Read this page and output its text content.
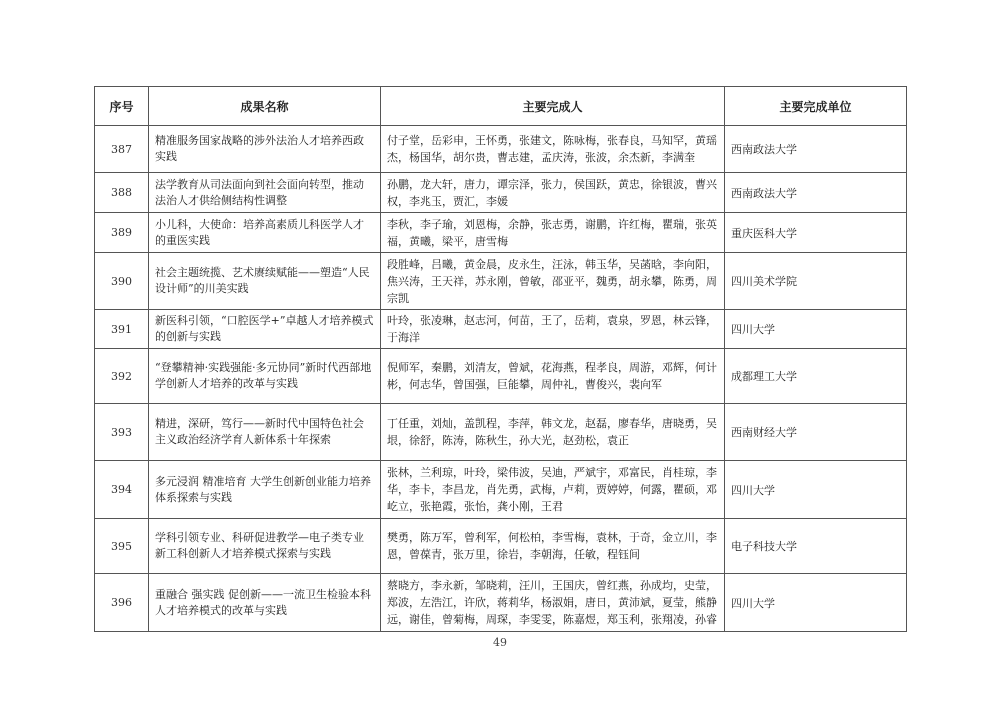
序号	成果名称	主要完成人	主要完成单位
387	精准服务国家战略的涉外法治人才培养西政实践	付子堂，岳彩申，王怀勇，张建文，陈咏梅，张春良，马知罕，黄瑶杰，杨国华，胡尔贵，曹志建，孟庆涛，张波，余杰新，李满奎	西南政法大学
388	法学教育从司法面向到社会面向转型，推动法治人才供给侧结构性调整	孙鹏，龙大轩，唐力，谭宗泽，张力，侯国跃，黄忠，徐银波，曹兴权，李兆玉，贾汇，李媛	西南政法大学
389	小儿科，大使命：培养高素质儿科医学人才的重医实践	李秋，李子瑜，刘恩梅，余静，张志勇，谢鹏，许红梅，瞿瑞，张英福，黄曦，梁平，唐雪梅	重庆医科大学
390	社会主题统揽、艺术赓续赋能——塑造“人民设计师”的川美实践	段胜峰，吕曦，黄金晨，皮永生，汪泳，韩玉华，吴菡晗，李向阳，焦兴涛，王天祥，苏永刚，曾敏，邵亚平，魏勇，胡永攀，陈勇，周宗凯	四川美术学院
391	新医科引领，“口腔医学+”卓越人才培养模式的创新与实践	叶玲，张凌琳，赵志河，何苗，王了，岳莉，袁泉，罗恩，林云锋，于海洋	四川大学
392	“登攀精神·实践强能·多元协同”新时代西部地学创新人才培养的改革与实践	倪师军，秦鹏，刘清友，曾斌，花海燕，程孝良，周游，邓辉，何计彬，何志华，曾国强，巨能攀，周仲礼，曹俊兴，裴向军	成都理工大学
393	精进，深研，笃行——新时代中国特色社会主义政治经济学育人新体系十年探索	丁任重，刘灿，盖凯程，李萍，韩文龙，赵磊，廖春华，唐晓勇，吴垠，徐舒，陈涛，陈秋生，孙大光，赵劲松，袁正	西南财经大学
394	多元浸润 精准培育 大学生创新创业能力培养体系探索与实践	张林，兰利琼，叶玲，梁伟波，吴迪，严斌宇，邓富民，肖桂琼，李华，李卡，李昌龙，肖先勇，武梅，卢莉，贾婷婷，何露，瞿硕，邓屹立，张艳霞，张怡，龚小刚，王君	四川大学
395	学科引领专业、科研促进教学—电子类专业新工科创新人才培养模式探索与实践	樊勇，陈万军，曾利军，何松柏，李雪梅，袁林，于奇，金立川，李恩，曾葆青，张万里，徐岩，李朝海，任敏，程钰间	电子科技大学
396	重融合 强实践 促创新——一流卫生检验本科人才培养模式的改革与实践	蔡晓方，李永新，邹晓莉，汪川，王国庆，曾红燕，孙成均，史莹，郑波，左浩江，许欣，蒋莉华，杨淑娟，唐日，黄沛斌，夏莹，熊静远，谢佳，曾菊梅，周琛，李雯雯，陈嘉煜，郑玉利，张翔凌，孙睿	四川大学
49
